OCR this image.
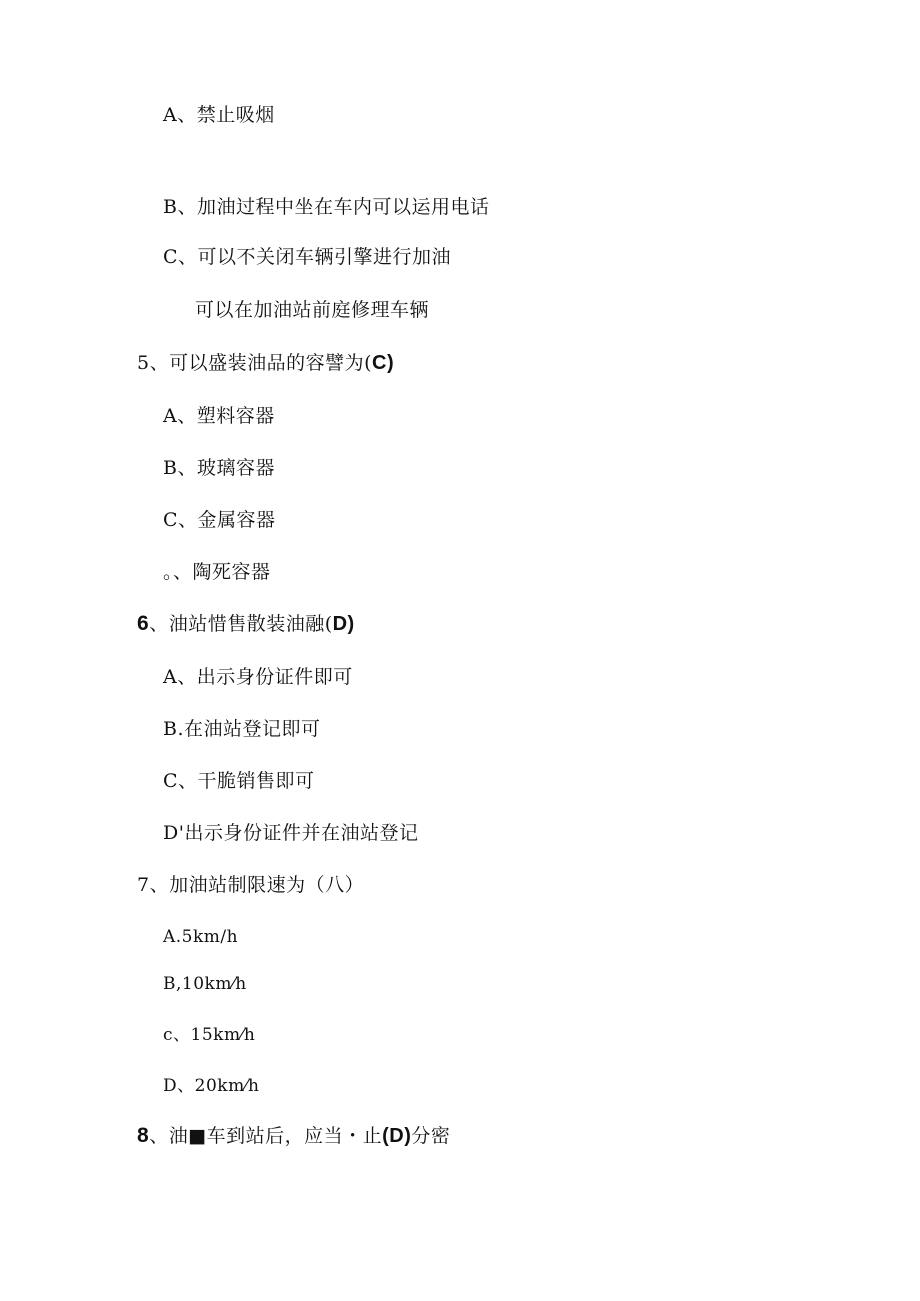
A、禁止吸烟
B、加油过程中坐在车内可以运用电话
C、可以不关闭车辆引擎进行加油
可以在加油站前庭修理车辆
5、可以盛装油品的容譬为(C)
A、塑料容器
B、玻璃容器
C、金属容器
。、陶死容器
6、油站惜售散装油融(D)
A、出示身份证件即可
B.在油站登记即可
C、干脆销售即可
D'出示身份证件并在油站登记
7、加油站制限速为（八）
A.5km/h
B,10km⁄h
c、15km⁄h
D、20km⁄h
8、油■车到站后，应当・止(D)分密
